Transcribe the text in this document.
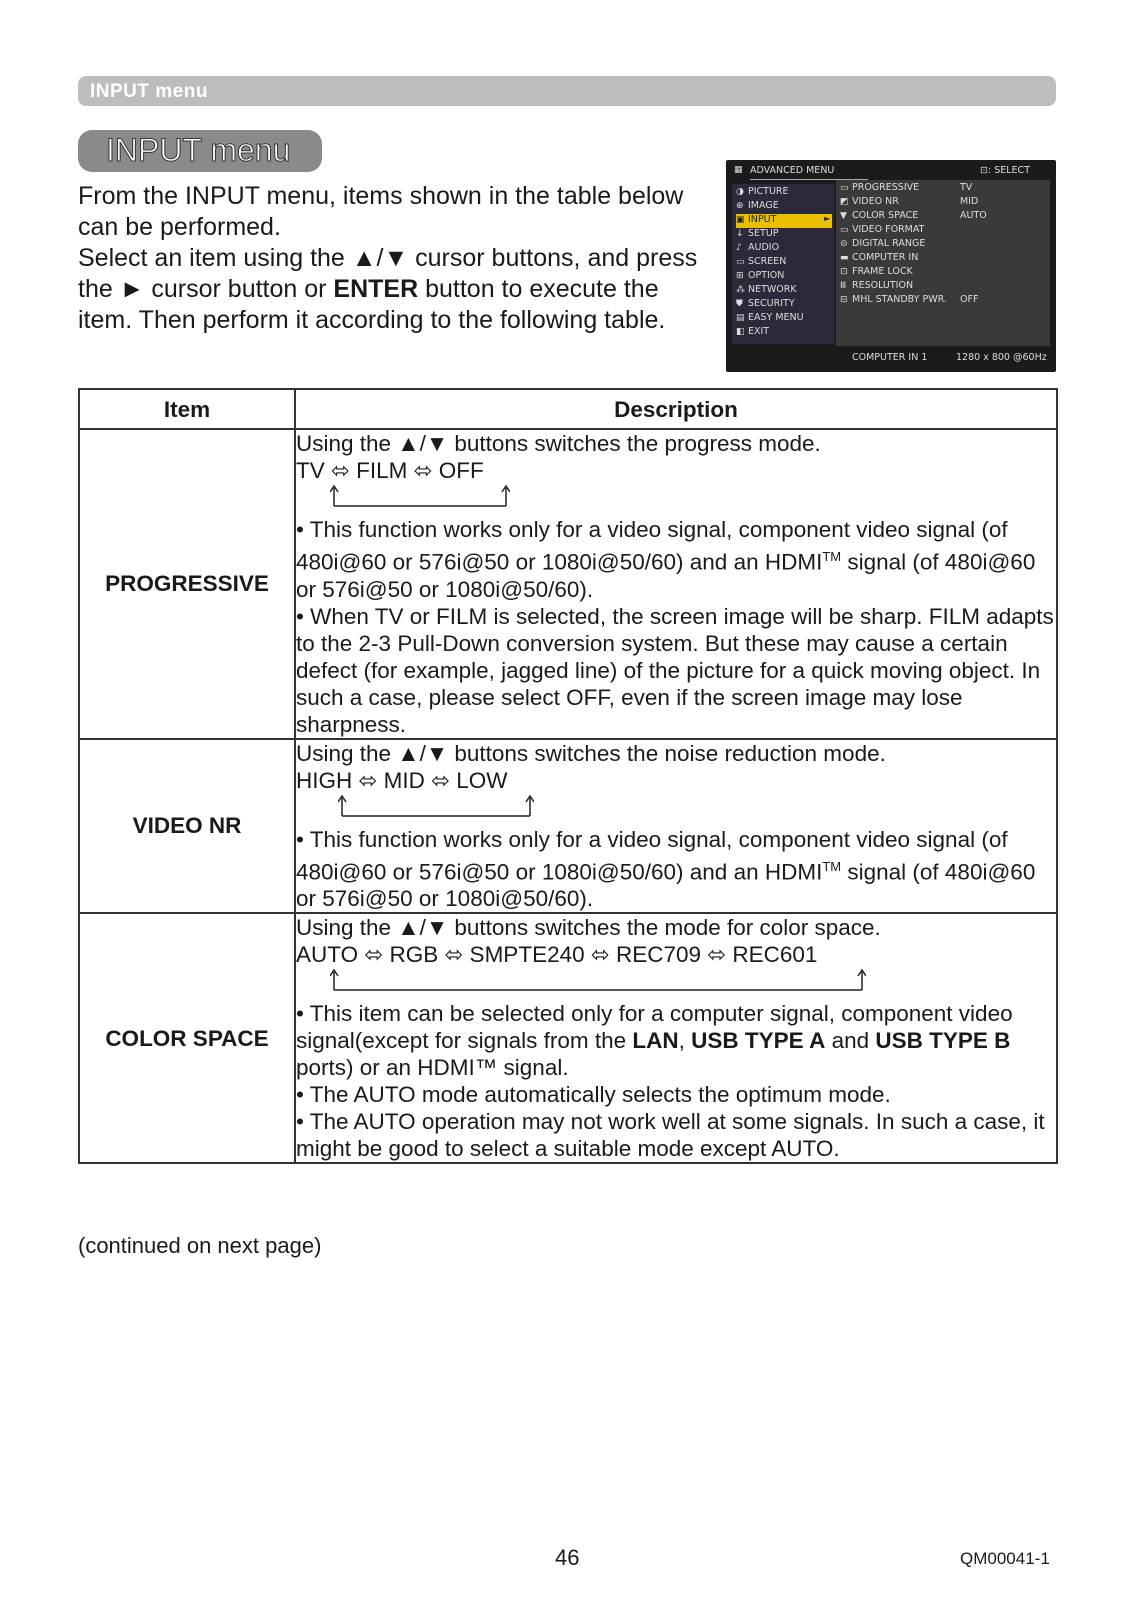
INPUT menu
INPUT menu

From the INPUT menu, items shown in the table below can be performed.

Select an item using the ▲/▼ cursor buttons, and press the ► cursor button or ENTER button to execute the item. Then perform it according to the following table.

▦ ADVANCED MENU	⊡: SELECT
◑ PICTURE
⊕ IMAGE
▣ INPUT	►
↓ SETUP
♪ AUDIO
▭ SCREEN
⊞ OPTION
⁂ NETWORK
⛊ SECURITY
▤ EASY MENU
◧ EXIT
▭ PROGRESSIVE	TV
◩ VIDEO NR	MID
▼ COLOR SPACE	AUTO
▭ VIDEO FORMAT
⊝ DIGITAL RANGE
▬ COMPUTER IN
⊡ FRAME LOCK
Ⅲ RESOLUTION
⊟ MHL STANDBY PWR. OFF
COMPUTER IN 1	1280 x 800 @60Hz
Item	Description
PROGRESSIVE	Using the ▲/▼ buttons switches the progress mode.

TV ⬄ FILM ⬄ OFF

• This function works only for a video signal, component video signal (of 480i@60 or 576i@50 or 1080i@50/60) and an HDMI™ signal (of 480i@60 or 576i@50 or 1080i@50/60).

• When TV or FILM is selected, the screen image will be sharp. FILM adapts to the 2-3 Pull-Down conversion system. But these may cause a certain defect (for example, jagged line) of the picture for a quick moving object. In such a case, please select OFF, even if the screen image may lose sharpness.

VIDEO NR	Using the ▲/▼ buttons switches the noise reduction mode.

HIGH ⬄ MID ⬄ LOW

• This function works only for a video signal, component video signal (of 480i@60 or 576i@50 or 1080i@50/60) and an HDMI™ signal (of 480i@60 or 576i@50 or 1080i@50/60).

COLOR SPACE	Using the ▲/▼ buttons switches the mode for color space.

AUTO ⬄ RGB ⬄ SMPTE240 ⬄ REC709 ⬄ REC601

• This item can be selected only for a computer signal, component video signal(except for signals from the LAN, USB TYPE A and USB TYPE B ports) or an HDMI™ signal.

• The AUTO mode automatically selects the optimum mode.

• The AUTO operation may not work well at some signals. In such a case, it might be good to select a suitable mode except AUTO.

(continued on next page)
46	QM00041-1
